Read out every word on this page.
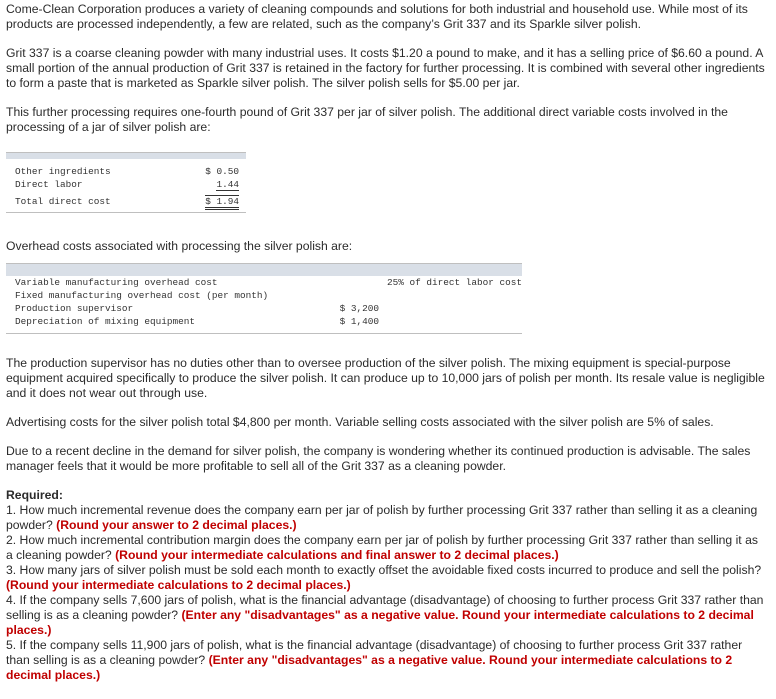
Come-Clean Corporation produces a variety of cleaning compounds and solutions for both industrial and household use. While most of its products are processed independently, a few are related, such as the company’s Grit 337 and its Sparkle silver polish.

Grit 337 is a coarse cleaning powder with many industrial uses. It costs $1.20 a pound to make, and it has a selling price of $6.60 a pound. A small portion of the annual production of Grit 337 is retained in the factory for further processing. It is combined with several other ingredients to form a paste that is marketed as Sparkle silver polish. The silver polish sells for $5.00 per jar.

This further processing requires one-fourth pound of Grit 337 per jar of silver polish. The additional direct variable costs involved in the processing of a jar of silver polish are:

Other ingredients	$ 0.50
Direct labor	1.44
Total direct cost	$ 1.94

Overhead costs associated with processing the silver polish are:

Variable manufacturing overhead cost	25% of direct labor cost
Fixed manufacturing overhead cost (per month)
Production supervisor	$ 3,200
Depreciation of mixing equipment	$ 1,400

The production supervisor has no duties other than to oversee production of the silver polish. The mixing equipment is special-purpose equipment acquired specifically to produce the silver polish. It can produce up to 10,000 jars of polish per month. Its resale value is negligible and it does not wear out through use.

Advertising costs for the silver polish total $4,800 per month. Variable selling costs associated with the silver polish are 5% of sales.

Due to a recent decline in the demand for silver polish, the company is wondering whether its continued production is advisable. The sales manager feels that it would be more profitable to sell all of the Grit 337 as a cleaning powder.

Required:

1. How much incremental revenue does the company earn per jar of polish by further processing Grit 337 rather than selling it as a cleaning powder? (Round your answer to 2 decimal places.)

2. How much incremental contribution margin does the company earn per jar of polish by further processing Grit 337 rather than selling it as a cleaning powder? (Round your intermediate calculations and final answer to 2 decimal places.)

3. How many jars of silver polish must be sold each month to exactly offset the avoidable fixed costs incurred to produce and sell the polish? (Round your intermediate calculations to 2 decimal places.)

4. If the company sells 7,600 jars of polish, what is the financial advantage (disadvantage) of choosing to further process Grit 337 rather than selling is as a cleaning powder? (Enter any "disadvantages" as a negative value. Round your intermediate calculations to 2 decimal places.)

5. If the company sells 11,900 jars of polish, what is the financial advantage (disadvantage) of choosing to further process Grit 337 rather than selling is as a cleaning powder? (Enter any "disadvantages" as a negative value. Round your intermediate calculations to 2 decimal places.)
